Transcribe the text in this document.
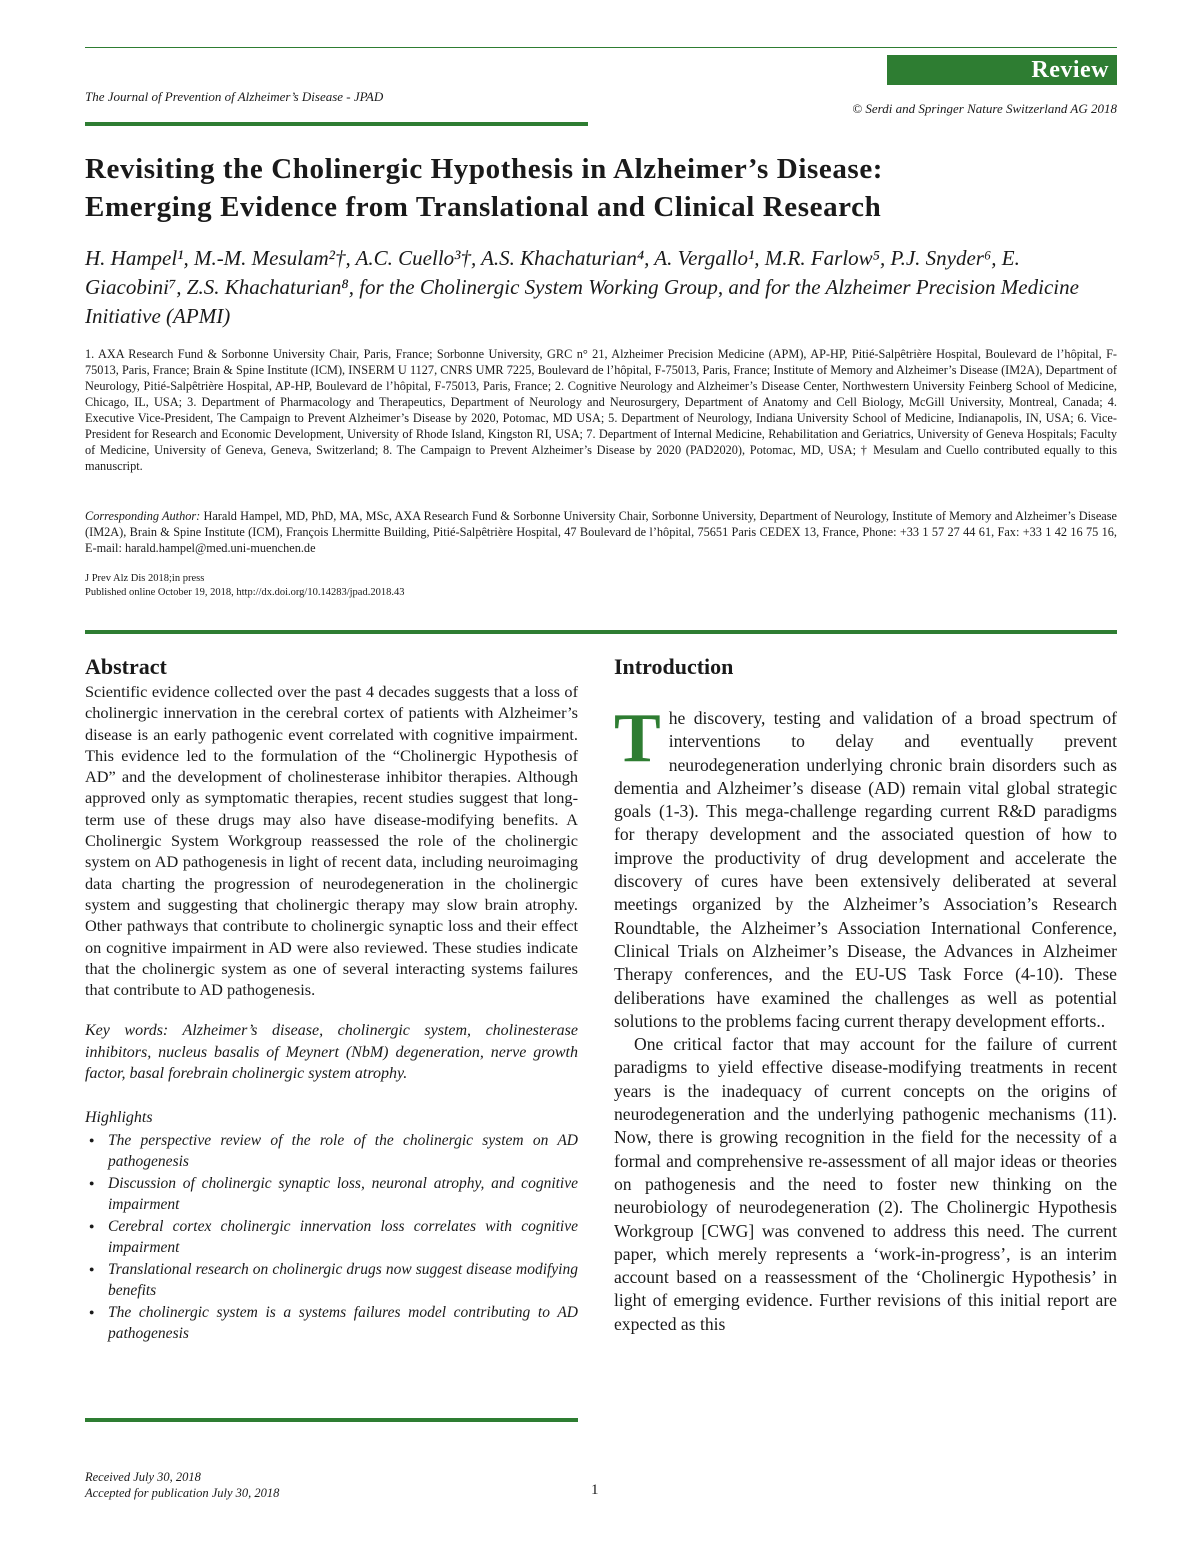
Review
The Journal of Prevention of Alzheimer’s Disease - JPAD
© Serdi and Springer Nature Switzerland AG 2018
Revisiting the Cholinergic Hypothesis in Alzheimer’s Disease:
Emerging Evidence from Translational and Clinical Research
H. Hampel¹, M.-M. Mesulam²†, A.C. Cuello³†, A.S. Khachaturian⁴, A. Vergallo¹, M.R. Farlow⁵, P.J. Snyder⁶, E. Giacobini⁷, Z.S. Khachaturian⁸, for the Cholinergic System Working Group, and for the Alzheimer Precision Medicine Initiative (APMI)
1. AXA Research Fund & Sorbonne University Chair, Paris, France; Sorbonne University, GRC n° 21, Alzheimer Precision Medicine (APM), AP-HP, Pitié-Salpêtrière Hospital, Boulevard de l’hôpital, F-75013, Paris, France; Brain & Spine Institute (ICM), INSERM U 1127, CNRS UMR 7225, Boulevard de l’hôpital, F-75013, Paris, France; Institute of Memory and Alzheimer’s Disease (IM2A), Department of Neurology, Pitié-Salpêtrière Hospital, AP-HP, Boulevard de l’hôpital, F-75013, Paris, France; 2. Cognitive Neurology and Alzheimer’s Disease Center, Northwestern University Feinberg School of Medicine, Chicago, IL, USA; 3. Department of Pharmacology and Therapeutics, Department of Neurology and Neurosurgery, Department of Anatomy and Cell Biology, McGill University, Montreal, Canada; 4. Executive Vice-President, The Campaign to Prevent Alzheimer’s Disease by 2020, Potomac, MD USA; 5. Department of Neurology, Indiana University School of Medicine, Indianapolis, IN, USA; 6. Vice-President for Research and Economic Development, University of Rhode Island, Kingston RI, USA; 7. Department of Internal Medicine, Rehabilitation and Geriatrics, University of Geneva Hospitals; Faculty of Medicine, University of Geneva, Geneva, Switzerland; 8. The Campaign to Prevent Alzheimer’s Disease by 2020 (PAD2020), Potomac, MD, USA; † Mesulam and Cuello contributed equally to this manuscript.
Corresponding Author: Harald Hampel, MD, PhD, MA, MSc, AXA Research Fund & Sorbonne University Chair, Sorbonne University, Department of Neurology, Institute of Memory and Alzheimer’s Disease (IM2A), Brain & Spine Institute (ICM), François Lhermitte Building, Pitié-Salpêtrière Hospital, 47 Boulevard de l’hôpital, 75651 Paris CEDEX 13, France, Phone: +33 1 57 27 44 61, Fax: +33 1 42 16 75 16, E-mail: harald.hampel@med.uni-muenchen.de
J Prev Alz Dis 2018;in press
Published online October 19, 2018, http://dx.doi.org/10.14283/jpad.2018.43
Abstract

Scientific evidence collected over the past 4 decades suggests that a loss of cholinergic innervation in the cerebral cortex of patients with Alzheimer’s disease is an early pathogenic event correlated with cognitive impairment. This evidence led to the formulation of the “Cholinergic Hypothesis of AD” and the development of cholinesterase inhibitor therapies. Although approved only as symptomatic therapies, recent studies suggest that long-term use of these drugs may also have disease-modifying benefits. A Cholinergic System Workgroup reassessed the role of the cholinergic system on AD pathogenesis in light of recent data, including neuroimaging data charting the progression of neurodegeneration in the cholinergic system and suggesting that cholinergic therapy may slow brain atrophy. Other pathways that contribute to cholinergic synaptic loss and their effect on cognitive impairment in AD were also reviewed. These studies indicate that the cholinergic system as one of several interacting systems failures that contribute to AD pathogenesis.

Key words: Alzheimer’s disease, cholinergic system, cholinesterase inhibitors, nucleus basalis of Meynert (NbM) degeneration, nerve growth factor, basal forebrain cholinergic system atrophy.

Highlights

● The perspective review of the role of the cholinergic system on AD pathogenesis
● Discussion of cholinergic synaptic loss, neuronal atrophy, and cognitive impairment
● Cerebral cortex cholinergic innervation loss correlates with cognitive impairment
● Translational research on cholinergic drugs now suggest disease modifying benefits
● The cholinergic system is a systems failures model contributing to AD pathogenesis
Introduction

The discovery, testing and validation of a broad spectrum of interventions to delay and eventually prevent neurodegeneration underlying chronic brain disorders such as dementia and Alzheimer’s disease (AD) remain vital global strategic goals (1-3). This mega-challenge regarding current R&D paradigms for therapy development and the associated question of how to improve the productivity of drug development and accelerate the discovery of cures have been extensively deliberated at several meetings organized by the Alzheimer’s Association’s Research Roundtable, the Alzheimer’s Association International Conference, Clinical Trials on Alzheimer’s Disease, the Advances in Alzheimer Therapy conferences, and the EU-US Task Force (4-10). These deliberations have examined the challenges as well as potential solutions to the problems facing current therapy development efforts..

One critical factor that may account for the failure of current paradigms to yield effective disease-modifying treatments in recent years is the inadequacy of current concepts on the origins of neurodegeneration and the underlying pathogenic mechanisms (11). Now, there is growing recognition in the field for the necessity of a formal and comprehensive re-assessment of all major ideas or theories on pathogenesis and the need to foster new thinking on the neurobiology of neurodegeneration (2). The Cholinergic Hypothesis Workgroup [CWG] was convened to address this need. The current paper, which merely represents a ‘work-in-progress’, is an interim account based on a reassessment of the ‘Cholinergic Hypothesis’ in light of emerging evidence. Further revisions of this initial report are expected as this

Received July 30, 2018
Accepted for publication July 30, 2018	1
